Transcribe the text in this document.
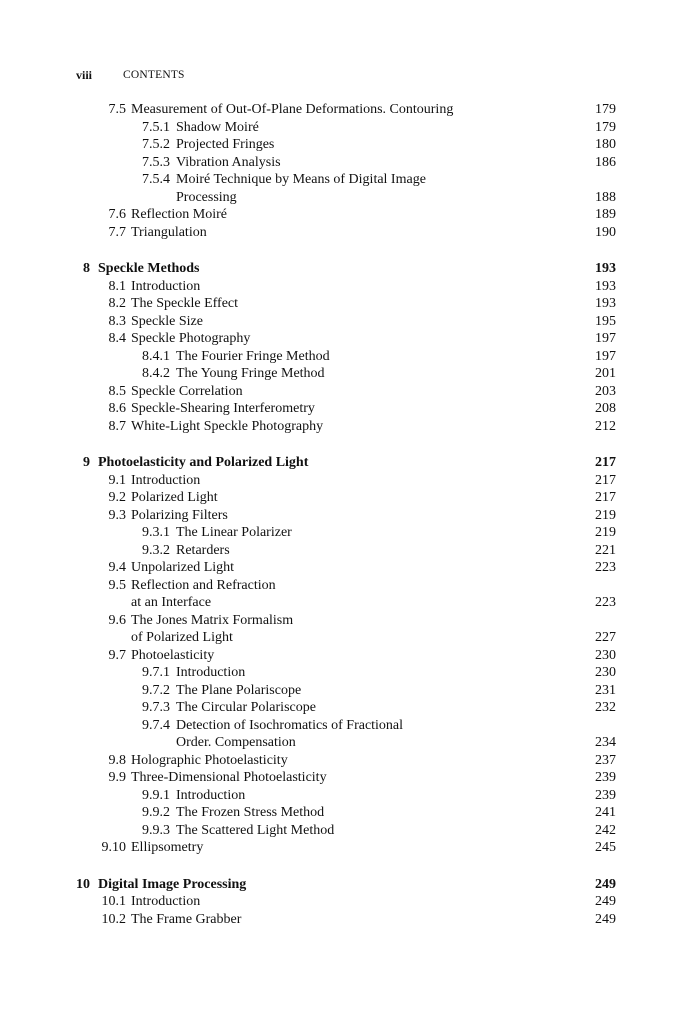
viii	CONTENTS
7.5 Measurement of Out-Of-Plane Deformations. Contouring	179
7.5.1 Shadow Moiré	179
7.5.2 Projected Fringes	180
7.5.3 Vibration Analysis	186
7.5.4 Moiré Technique by Means of Digital Image
Processing	188
7.6 Reflection Moiré	189
7.7 Triangulation	190
8 Speckle Methods	193
8.1 Introduction	193
8.2 The Speckle Effect	193
8.3 Speckle Size	195
8.4 Speckle Photography	197
8.4.1 The Fourier Fringe Method	197
8.4.2 The Young Fringe Method	201
8.5 Speckle Correlation	203
8.6 Speckle-Shearing Interferometry	208
8.7 White-Light Speckle Photography	212
9 Photoelasticity and Polarized Light	217
9.1 Introduction	217
9.2 Polarized Light	217
9.3 Polarizing Filters	219
9.3.1 The Linear Polarizer	219
9.3.2 Retarders	221
9.4 Unpolarized Light	223
9.5 Reflection and Refraction
at an Interface	223
9.6 The Jones Matrix Formalism
of Polarized Light	227
9.7 Photoelasticity	230
9.7.1 Introduction	230
9.7.2 The Plane Polariscope	231
9.7.3 The Circular Polariscope	232
9.7.4 Detection of Isochromatics of Fractional
Order. Compensation	234
9.8 Holographic Photoelasticity	237
9.9 Three-Dimensional Photoelasticity	239
9.9.1 Introduction	239
9.9.2 The Frozen Stress Method	241
9.9.3 The Scattered Light Method	242
9.10 Ellipsometry	245
10 Digital Image Processing	249
10.1 Introduction	249
10.2 The Frame Grabber	249
